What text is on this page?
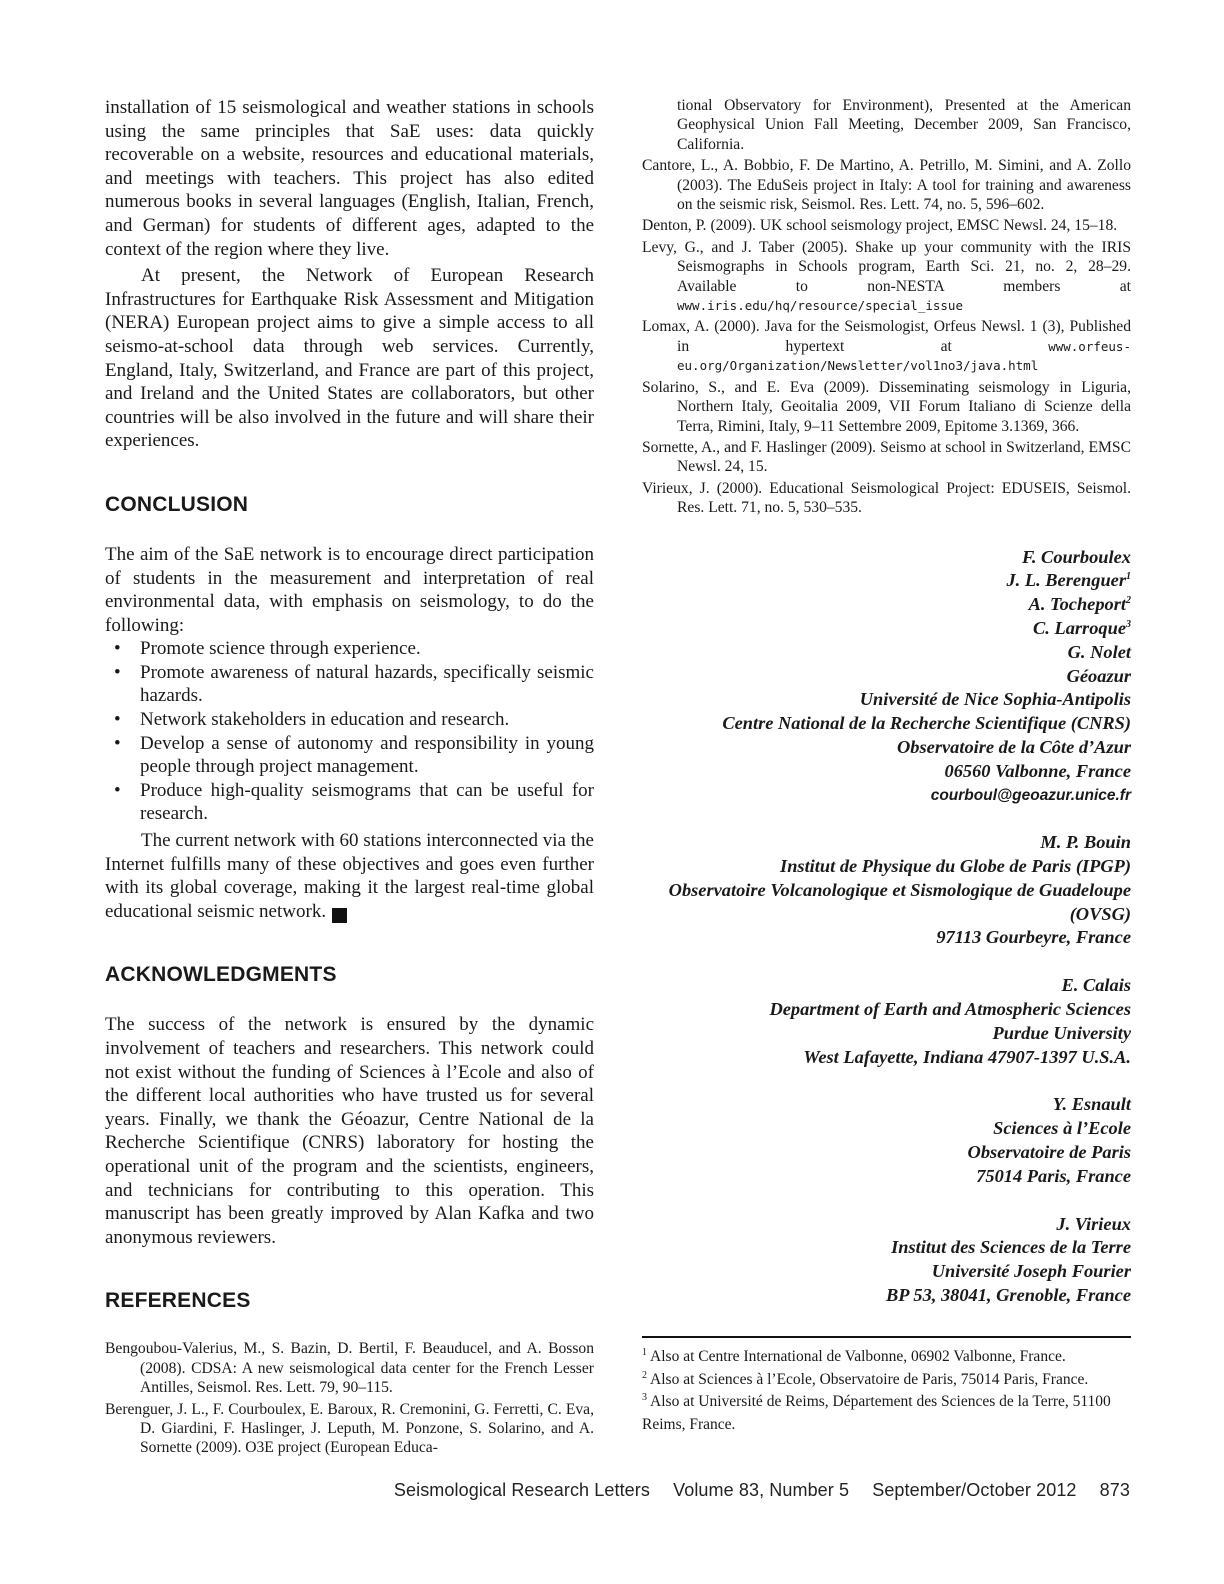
installation of 15 seismological and weather stations in schools using the same principles that SaE uses: data quickly recoverable on a website, resources and educational materials, and meetings with teachers. This project has also edited numerous books in several languages (English, Italian, French, and German) for students of different ages, adapted to the context of the region where they live.

At present, the Network of European Research Infrastructures for Earthquake Risk Assessment and Mitigation (NERA) European project aims to give a simple access to all seismo-at-school data through web services. Currently, England, Italy, Switzerland, and France are part of this project, and Ireland and the United States are collaborators, but other countries will be also involved in the future and will share their experiences.

CONCLUSION

The aim of the SaE network is to encourage direct participation of students in the measurement and interpretation of real environmental data, with emphasis on seismology, to do the following:

• Promote science through experience.
• Promote awareness of natural hazards, specifically seismic hazards.
• Network stakeholders in education and research.
• Develop a sense of autonomy and responsibility in young people through project management.
• Produce high-quality seismograms that can be useful for research.

The current network with 60 stations interconnected via the Internet fulfills many of these objectives and goes even further with its global coverage, making it the largest real-time global educational seismic network.	S

ACKNOWLEDGMENTS

The success of the network is ensured by the dynamic involvement of teachers and researchers. This network could not exist without the funding of Sciences à l’Ecole and also of the different local authorities who have trusted us for several years. Finally, we thank the Géoazur, Centre National de la Recherche Scientifique (CNRS) laboratory for hosting the operational unit of the program and the scientists, engineers, and technicians for contributing to this operation. This manuscript has been greatly improved by Alan Kafka and two anonymous reviewers.

REFERENCES
Bengoubou-Valerius, M., S. Bazin, D. Bertil, F. Beauducel, and A. Bosson (2008). CDSA: A new seismological data center for the French Lesser Antilles, Seismol. Res. Lett. 79, 90–115.
Berenguer, J. L., F. Courboulex, E. Baroux, R. Cremonini, G. Ferretti, C. Eva, D. Giardini, F. Haslinger, J. Leputh, M. Ponzone, S. Solarino, and A. Sornette (2009). O3E project (European Educa-
tional Observatory for Environment), Presented at the American Geophysical Union Fall Meeting, December 2009, San Francisco, California.
Cantore, L., A. Bobbio, F. De Martino, A. Petrillo, M. Simini, and A. Zollo (2003). The EduSeis project in Italy: A tool for training and awareness on the seismic risk, Seismol. Res. Lett. 74, no. 5, 596–602.
Denton, P. (2009). UK school seismology project, EMSC Newsl. 24, 15–18.
Levy, G., and J. Taber (2005). Shake up your community with the IRIS Seismographs in Schools program, Earth Sci. 21, no. 2, 28–29. Available to non-NESTA members at www.iris.edu/hq/resource/special_issue
Lomax, A. (2000). Java for the Seismologist, Orfeus Newsl. 1 (3), Published in hypertext at www.orfeus-eu.org/Organization/Newsletter/vol1no3/java.html
Solarino, S., and E. Eva (2009). Disseminating seismology in Liguria, Northern Italy, Geoitalia 2009, VII Forum Italiano di Scienze della Terra, Rimini, Italy, 9–11 Settembre 2009, Epitome 3.1369, 366.
Sornette, A., and F. Haslinger (2009). Seismo at school in Switzerland, EMSC Newsl. 24, 15.
Virieux, J. (2000). Educational Seismological Project: EDUSEIS, Seismol. Res. Lett. 71, no. 5, 530–535.
F. Courboulex
J. L. Berenguer$^1$
A. Tocheport$^2$
C. Larroque$^3$
G. Nolet
Géoazur
Université de Nice Sophia-Antipolis
Centre National de la Recherche Scientifique (CNRS)
Observatoire de la Côte d’Azur
06560 Valbonne, France
courboul@geoazur.unice.fr
M. P. Bouin
Institut de Physique du Globe de Paris (IPGP)
Observatoire Volcanologique et Sismologique de Guadeloupe (OVSG)
97113 Gourbeyre, France
E. Calais
Department of Earth and Atmospheric Sciences
Purdue University
West Lafayette, Indiana 47907-1397 U.S.A.
Y. Esnault
Sciences à l’Ecole
Observatoire de Paris
75014 Paris, France
J. Virieux
Institut des Sciences de la Terre
Université Joseph Fourier
BP 53, 38041, Grenoble, France
$^1$ Also at Centre International de Valbonne, 06902 Valbonne, France.
$^2$ Also at Sciences à l’Ecole, Observatoire de Paris, 75014 Paris, France.
$^3$ Also at Université de Reims, Département des Sciences de la Terre, 51100 Reims, France.
Seismological Research Letters Volume 83, Number 5 September/October 2012 873
